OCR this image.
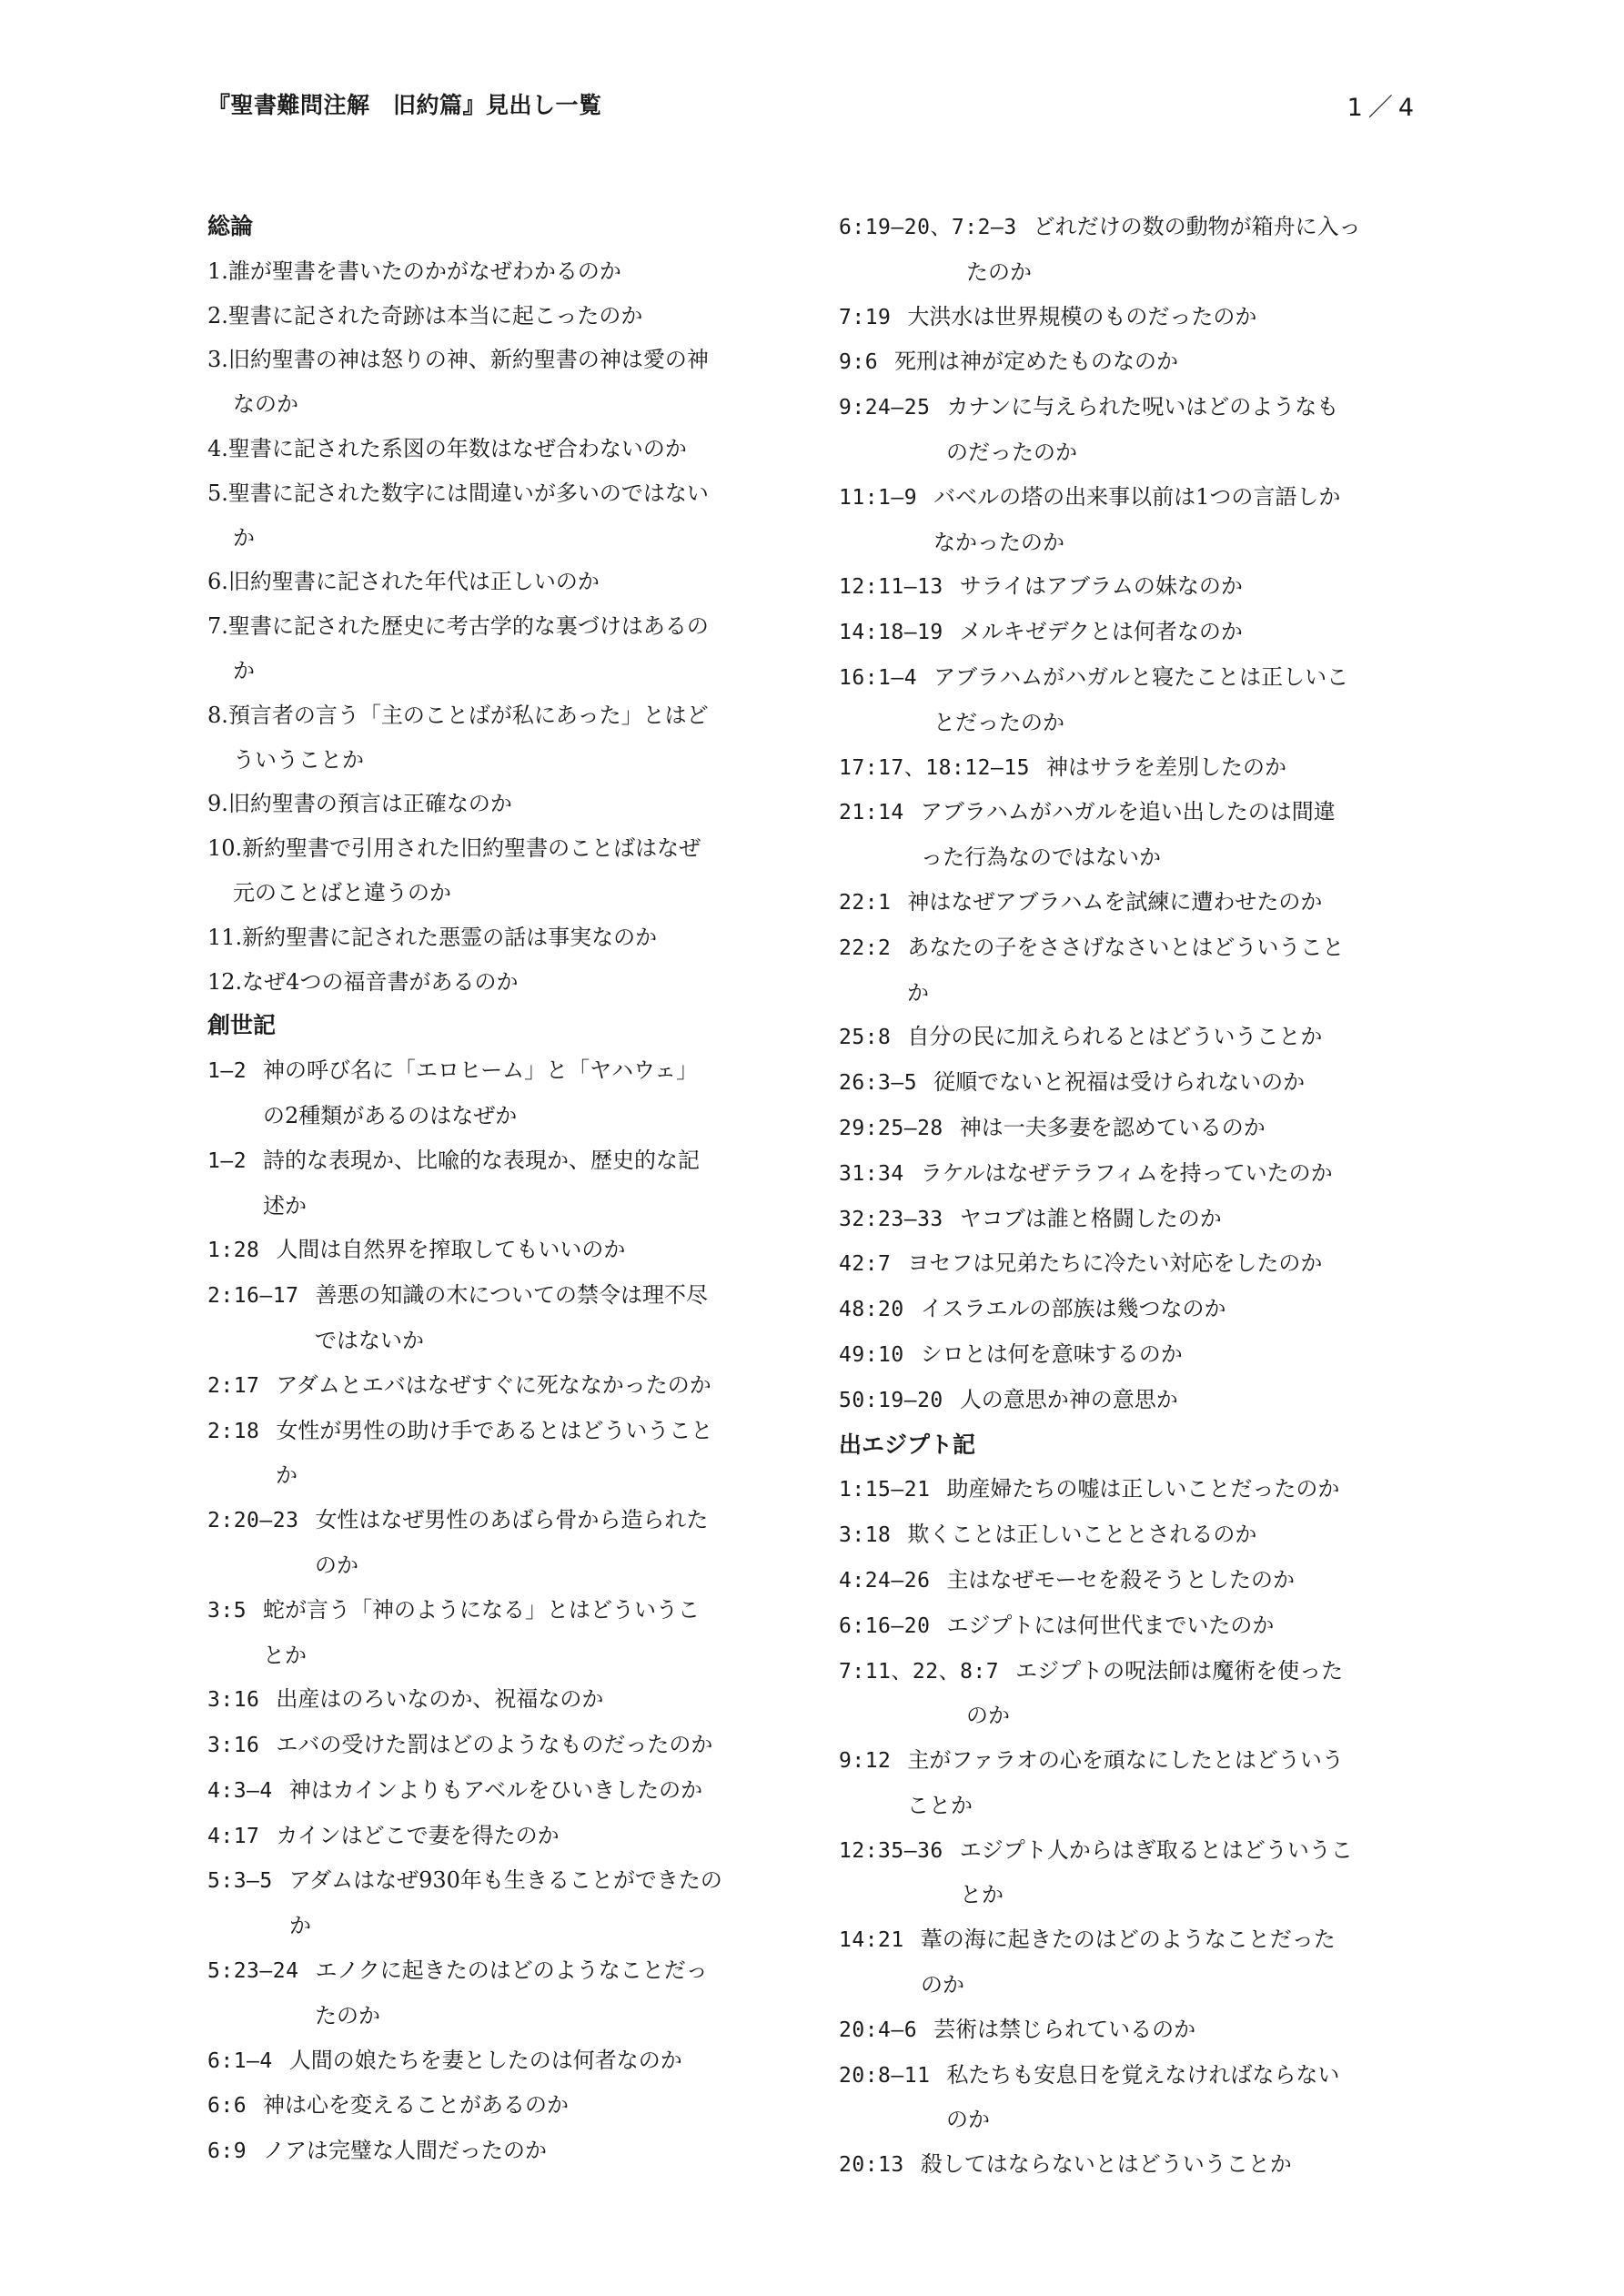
『聖書難問注解　旧約篇』見出し一覧	1／4
総論
1.誰が聖書を書いたのかがなぜわかるのか
2.聖書に記された奇跡は本当に起こったのか
3.旧約聖書の神は怒りの神、新約聖書の神は愛の神
なのか
4.聖書に記された系図の年数はなぜ合わないのか
5.聖書に記された数字には間違いが多いのではない
か
6.旧約聖書に記された年代は正しいのか
7.聖書に記された歴史に考古学的な裏づけはあるの
か
8.預言者の言う「主のことばが私にあった」とはど
ういうことか
9.旧約聖書の預言は正確なのか
10.新約聖書で引用された旧約聖書のことばはなぜ
元のことばと違うのか
11.新約聖書に記された悪霊の話は事実なのか
12.なぜ4つの福音書があるのか
創世記
1–2 神の呼び名に「エロヒーム」と「ヤハウェ」
の2種類があるのはなぜか
1–2 詩的な表現か、比喩的な表現か、歴史的な記
述か
1:28 人間は自然界を搾取してもいいのか
2:16–17 善悪の知識の木についての禁令は理不尽
ではないか
2:17 アダムとエバはなぜすぐに死ななかったのか
2:18 女性が男性の助け手であるとはどういうこと
か
2:20–23 女性はなぜ男性のあばら骨から造られた
のか
3:5 蛇が言う「神のようになる」とはどういうこ
とか
3:16 出産はのろいなのか、祝福なのか
3:16 エバの受けた罰はどのようなものだったのか
4:3–4 神はカインよりもアベルをひいきしたのか
4:17 カインはどこで妻を得たのか
5:3–5 アダムはなぜ930年も生きることができたの
か
5:23–24 エノクに起きたのはどのようなことだっ
たのか
6:1–4 人間の娘たちを妻としたのは何者なのか
6:6 神は心を変えることがあるのか
6:9 ノアは完璧な人間だったのか
6:19–20、7:2–3 どれだけの数の動物が箱舟に入っ
たのか
7:19 大洪水は世界規模のものだったのか
9:6 死刑は神が定めたものなのか
9:24–25 カナンに与えられた呪いはどのようなも
のだったのか
11:1–9 バベルの塔の出来事以前は1つの言語しか
なかったのか
12:11–13 サライはアブラムの妹なのか
14:18–19 メルキゼデクとは何者なのか
16:1–4 アブラハムがハガルと寝たことは正しいこ
とだったのか
17:17、18:12–15 神はサラを差別したのか
21:14 アブラハムがハガルを追い出したのは間違
った行為なのではないか
22:1 神はなぜアブラハムを試練に遭わせたのか
22:2 あなたの子をささげなさいとはどういうこと
か
25:8 自分の民に加えられるとはどういうことか
26:3–5 従順でないと祝福は受けられないのか
29:25–28 神は一夫多妻を認めているのか
31:34 ラケルはなぜテラフィムを持っていたのか
32:23–33 ヤコブは誰と格闘したのか
42:7 ヨセフは兄弟たちに冷たい対応をしたのか
48:20 イスラエルの部族は幾つなのか
49:10 シロとは何を意味するのか
50:19–20 人の意思か神の意思か
出エジプト記
1:15–21 助産婦たちの嘘は正しいことだったのか
3:18 欺くことは正しいこととされるのか
4:24–26 主はなぜモーセを殺そうとしたのか
6:16–20 エジプトには何世代までいたのか
7:11、22、8:7 エジプトの呪法師は魔術を使った
のか
9:12 主がファラオの心を頑なにしたとはどういう
ことか
12:35–36 エジプト人からはぎ取るとはどういうこ
とか
14:21 葦の海に起きたのはどのようなことだった
のか
20:4–6 芸術は禁じられているのか
20:8–11 私たちも安息日を覚えなければならない
のか
20:13 殺してはならないとはどういうことか
